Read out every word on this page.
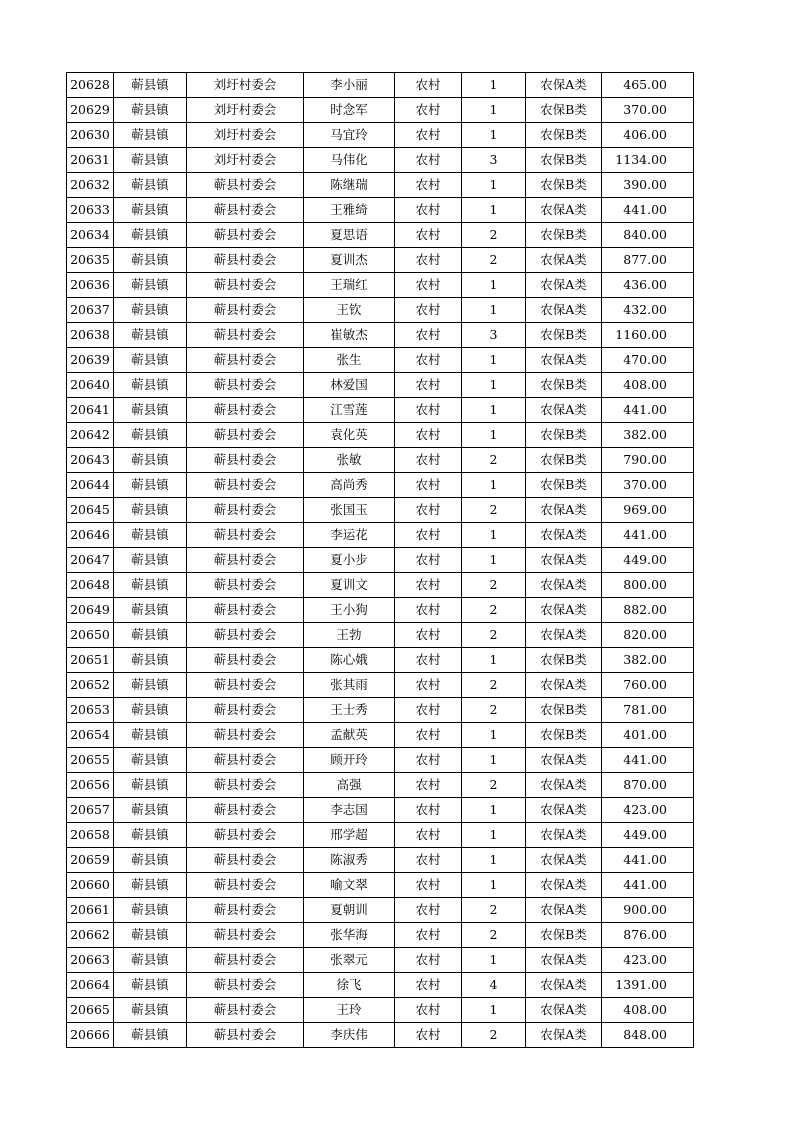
20628	蕲县镇	刘圩村委会	李小丽	农村	1	农保A类	465.00
20629	蕲县镇	刘圩村委会	时念军	农村	1	农保B类	370.00
20630	蕲县镇	刘圩村委会	马宜玲	农村	1	农保B类	406.00
20631	蕲县镇	刘圩村委会	马伟化	农村	3	农保B类	1134.00
20632	蕲县镇	蕲县村委会	陈继瑞	农村	1	农保B类	390.00
20633	蕲县镇	蕲县村委会	王雅绮	农村	1	农保A类	441.00
20634	蕲县镇	蕲县村委会	夏思语	农村	2	农保B类	840.00
20635	蕲县镇	蕲县村委会	夏训杰	农村	2	农保A类	877.00
20636	蕲县镇	蕲县村委会	王瑞红	农村	1	农保A类	436.00
20637	蕲县镇	蕲县村委会	王钦	农村	1	农保A类	432.00
20638	蕲县镇	蕲县村委会	崔敏杰	农村	3	农保B类	1160.00
20639	蕲县镇	蕲县村委会	张生	农村	1	农保A类	470.00
20640	蕲县镇	蕲县村委会	林爱国	农村	1	农保B类	408.00
20641	蕲县镇	蕲县村委会	江雪莲	农村	1	农保A类	441.00
20642	蕲县镇	蕲县村委会	袁化英	农村	1	农保B类	382.00
20643	蕲县镇	蕲县村委会	张敏	农村	2	农保B类	790.00
20644	蕲县镇	蕲县村委会	高尚秀	农村	1	农保B类	370.00
20645	蕲县镇	蕲县村委会	张国玉	农村	2	农保A类	969.00
20646	蕲县镇	蕲县村委会	李运花	农村	1	农保A类	441.00
20647	蕲县镇	蕲县村委会	夏小步	农村	1	农保A类	449.00
20648	蕲县镇	蕲县村委会	夏训文	农村	2	农保A类	800.00
20649	蕲县镇	蕲县村委会	王小狗	农村	2	农保A类	882.00
20650	蕲县镇	蕲县村委会	王勃	农村	2	农保A类	820.00
20651	蕲县镇	蕲县村委会	陈心娥	农村	1	农保B类	382.00
20652	蕲县镇	蕲县村委会	张其雨	农村	2	农保A类	760.00
20653	蕲县镇	蕲县村委会	王士秀	农村	2	农保B类	781.00
20654	蕲县镇	蕲县村委会	孟献英	农村	1	农保B类	401.00
20655	蕲县镇	蕲县村委会	顾开玲	农村	1	农保A类	441.00
20656	蕲县镇	蕲县村委会	高强	农村	2	农保A类	870.00
20657	蕲县镇	蕲县村委会	李志国	农村	1	农保A类	423.00
20658	蕲县镇	蕲县村委会	邢学超	农村	1	农保A类	449.00
20659	蕲县镇	蕲县村委会	陈淑秀	农村	1	农保A类	441.00
20660	蕲县镇	蕲县村委会	喻文翠	农村	1	农保A类	441.00
20661	蕲县镇	蕲县村委会	夏朝训	农村	2	农保A类	900.00
20662	蕲县镇	蕲县村委会	张华海	农村	2	农保B类	876.00
20663	蕲县镇	蕲县村委会	张翠元	农村	1	农保A类	423.00
20664	蕲县镇	蕲县村委会	徐飞	农村	4	农保A类	1391.00
20665	蕲县镇	蕲县村委会	王玲	农村	1	农保A类	408.00
20666	蕲县镇	蕲县村委会	李庆伟	农村	2	农保A类	848.00
